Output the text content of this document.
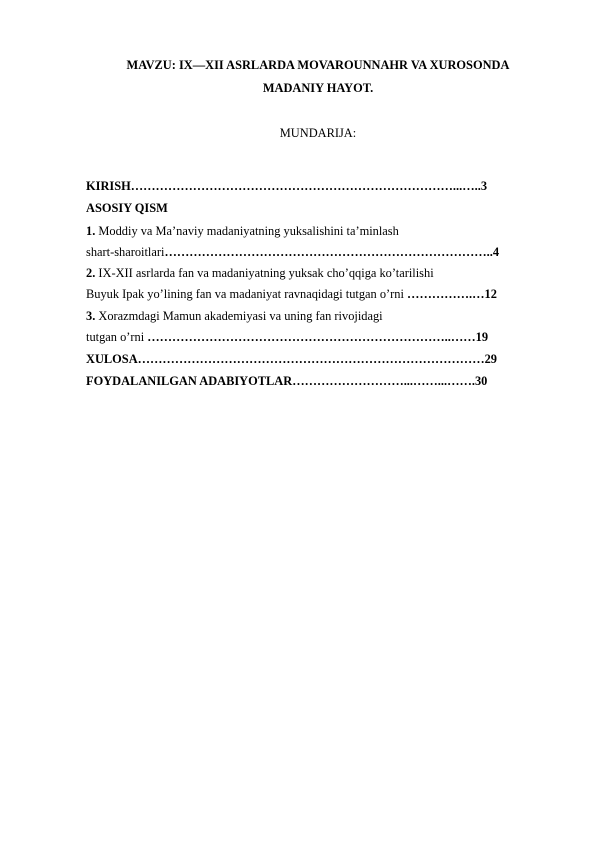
MAVZU: IX—XII ASRLARDA MOVAROUNNAHR VA XUROSONDA
MADANIY HAYOT.
MUNDARIJA:
KIRISH……………………………………………………………………...…..3
ASOSIY QISM
1. Moddiy va Ma’naviy madaniyatning yuksalishini ta’minlash
shart-sharoitlari……………………………………………………………………..4
2. IX-XII asrlarda fan va madaniyatning yuksak cho’qqiga ko’tarilishi
Buyuk Ipak yo’lining fan va madaniyat ravnaqidagi tutgan o’rni …………….…12
3. Xorazmdagi Mamun akademiyasi va uning fan rivojidagi
tutgan o’rni ………………………………………………………………..……19
XULOSA…………………………………………………………………………29
FOYDALANILGAN ADABIYOTLAR………………………...……...…….30
